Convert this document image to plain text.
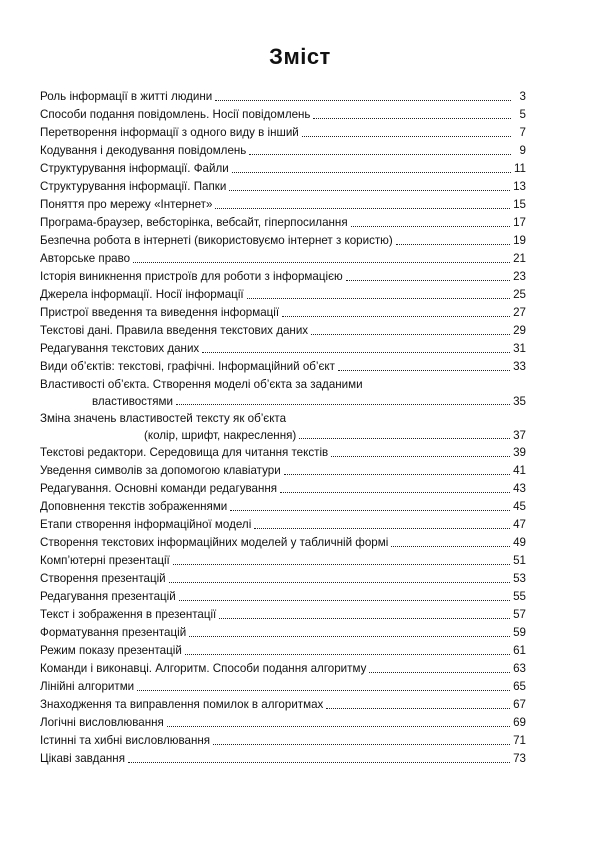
Зміст
Роль інформації в житті людини	3
Способи подання повідомлень. Носії повідомлень	5
Перетворення інформації з одного виду в інший	7
Кодування і декодування повідомлень	9
Структурування інформації. Файли	11
Структурування інформації. Папки	13
Поняття про мережу «Інтернет»	15
Програма-браузер, вебсторінка, вебсайт, гіперпосилання	17
Безпечна робота в інтернеті (використовуємо інтернет з користю)	19
Авторське право	21
Історія виникнення пристроїв для роботи з інформацією	23
Джерела інформації. Носії інформації	25
Пристрої введення та виведення інформації	27
Текстові дані. Правила введення текстових даних	29
Редагування текстових даних	31
Види об’єктів: текстові, графічні. Інформаційний об’єкт	33
Властивості об’єкта. Створення моделі об’єкта за заданими
властивостями	35
Зміна значень властивостей тексту як об’єкта
(колір, шрифт, накреслення)	37
Текстові редактори. Середовища для читання текстів	39
Уведення символів за допомогою клавіатури	41
Редагування. Основні команди редагування	43
Доповнення текстів зображеннями	45
Етапи створення інформаційної моделі	47
Створення текстових інформаційних моделей у табличній формі	49
Комп’ютерні презентації	51
Створення презентацій	53
Редагування презентацій	55
Текст і зображення в презентації	57
Форматування презентацій	59
Режим показу презентацій	61
Команди і виконавці. Алгоритм. Способи подання алгоритму	63
Лінійні алгоритми	65
Знаходження та виправлення помилок в алгоритмах	67
Логічні висловлювання	69
Істинні та хибні висловлювання	71
Цікаві завдання	73
